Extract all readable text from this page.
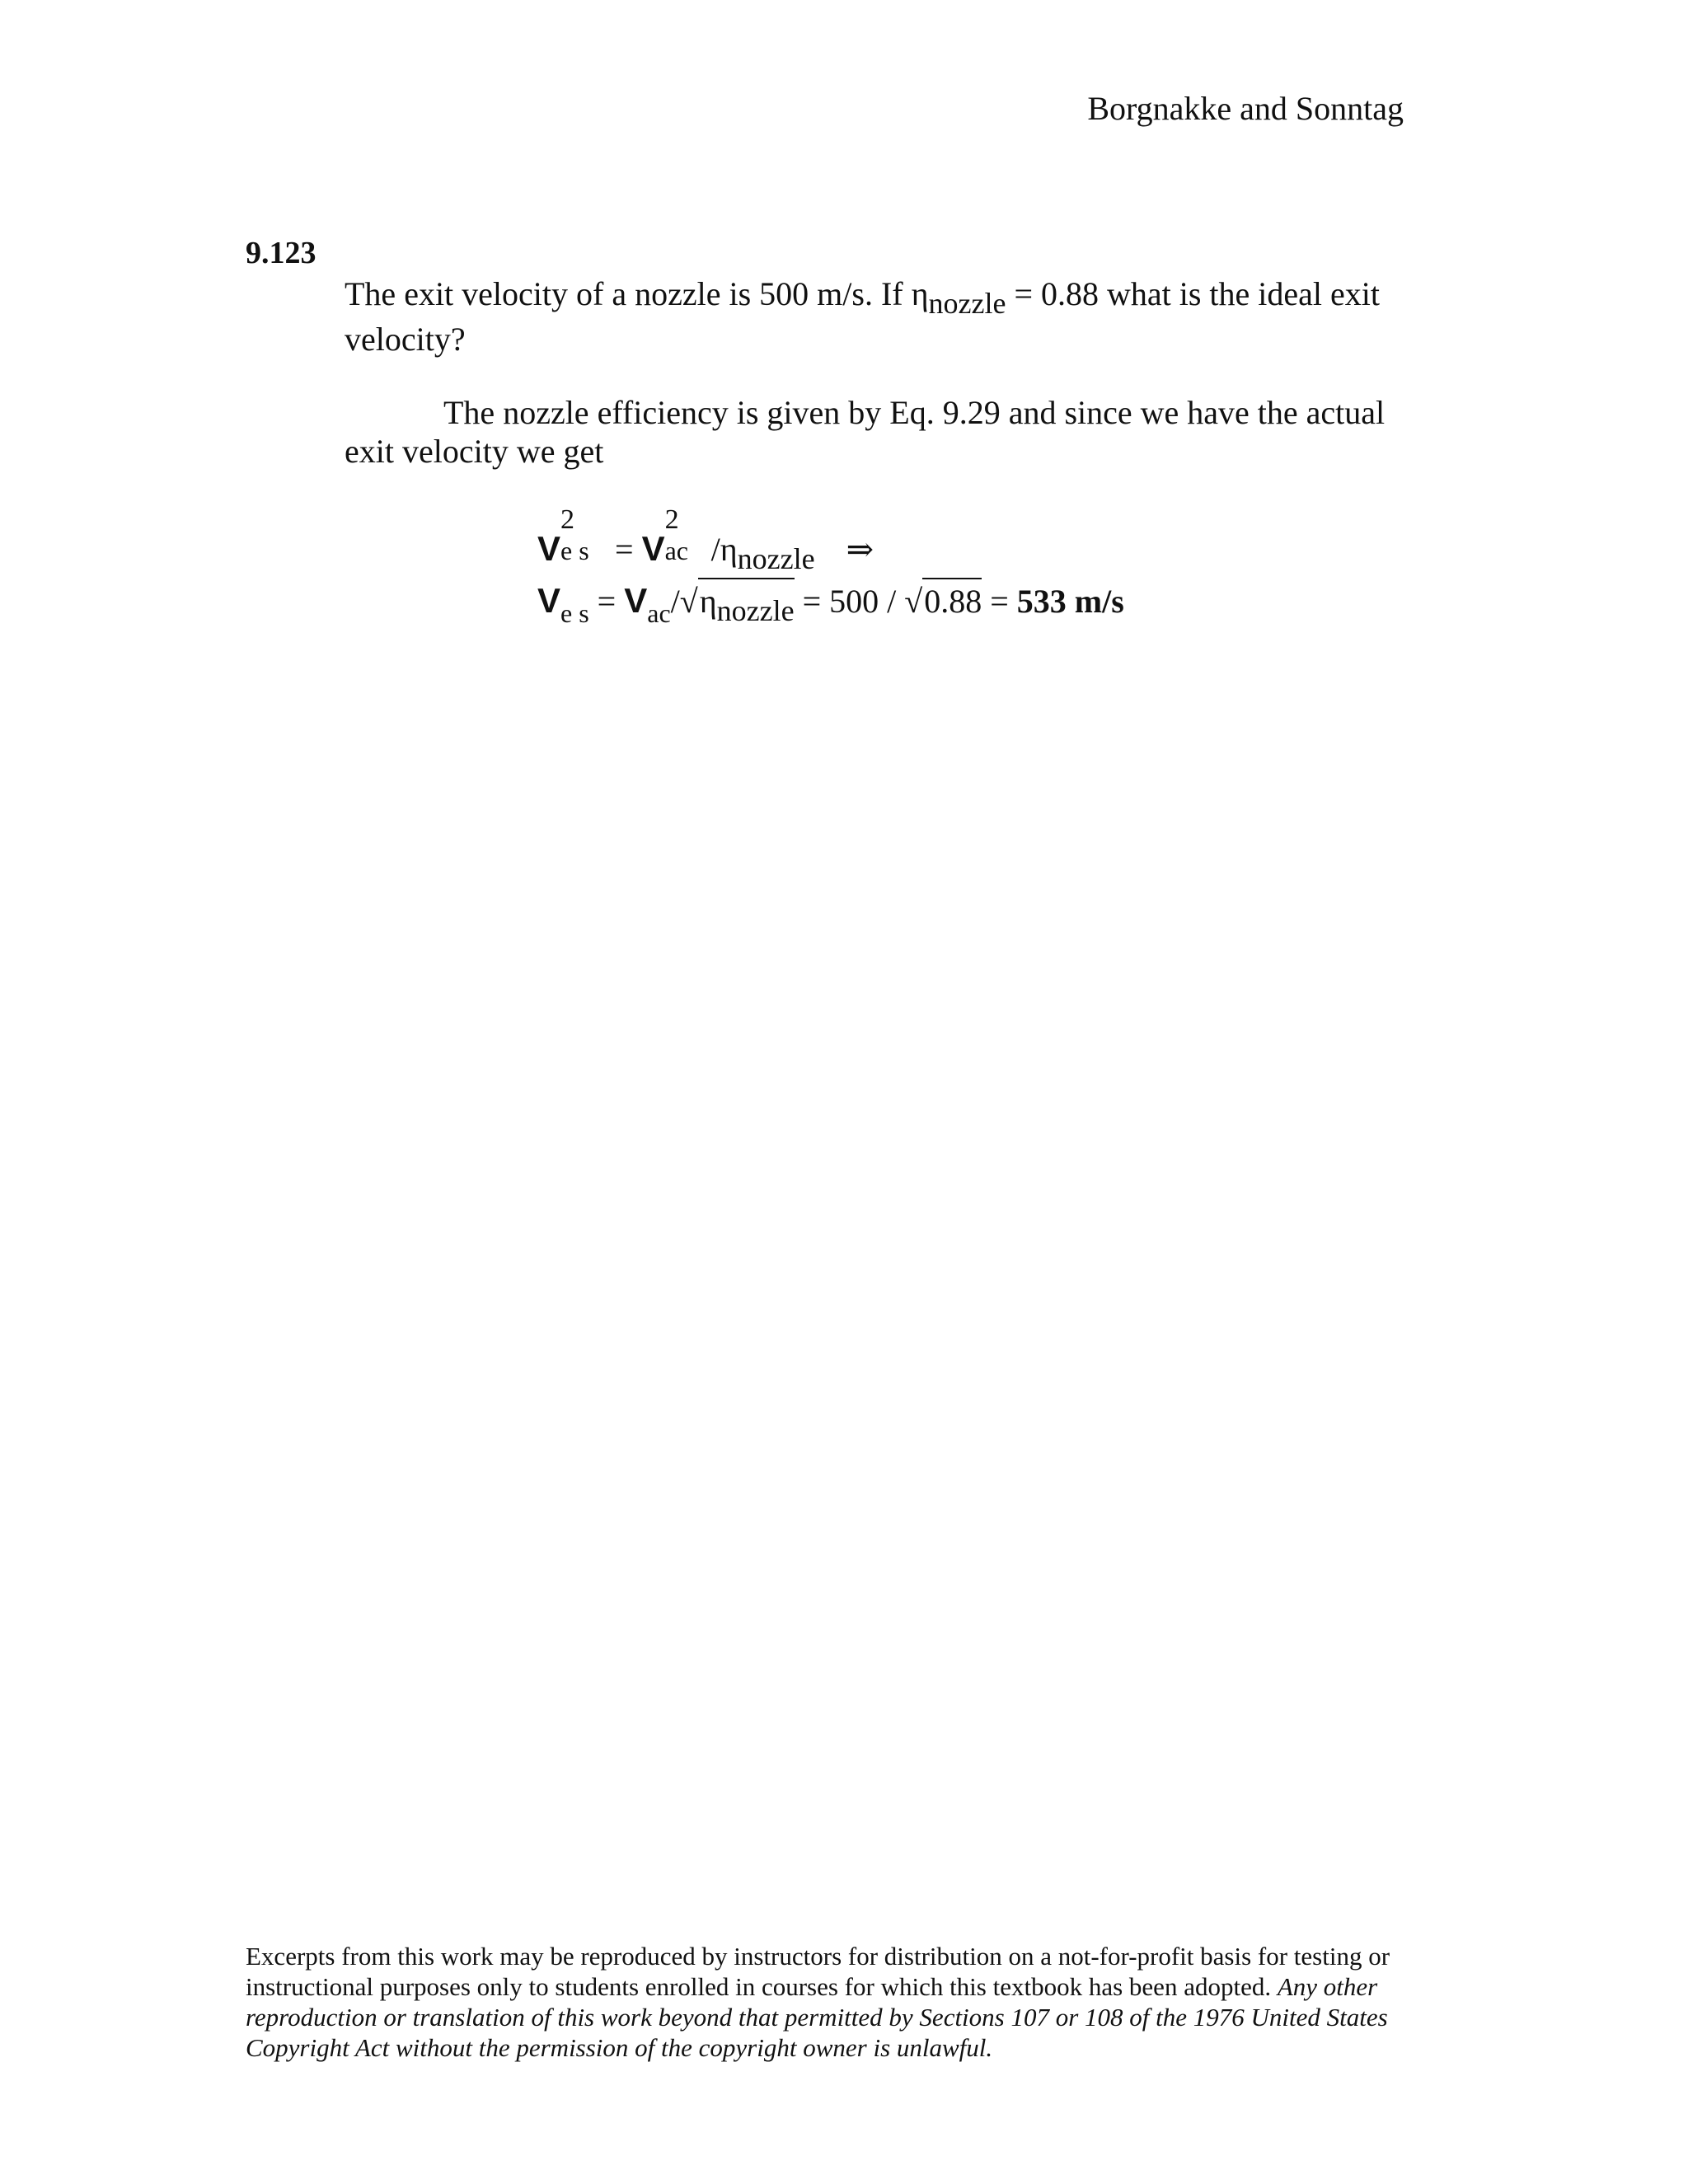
Borgnakke and Sonntag
9.123
The exit velocity of a nozzle is 500 m/s. If ηnozzle = 0.88 what is the ideal exit velocity?
The nozzle efficiency is given by Eq. 9.29 and since we have the actual exit velocity we get
V
2
e s = V
2
ac /ηnozzle ⇒
$V_{e s}$ = $V_{ac}/√\eta nozzle = 500 / √0.88 = 533$ m/s
Excerpts from this work may be reproduced by instructors for distribution on a not-for-profit basis for testing or instructional purposes only to students enrolled in courses for which this textbook has been adopted. Any other reproduction or translation of this work beyond that permitted by Sections 107 or 108 of the 1976 United States Copyright Act without the permission of the copyright owner is unlawful.
